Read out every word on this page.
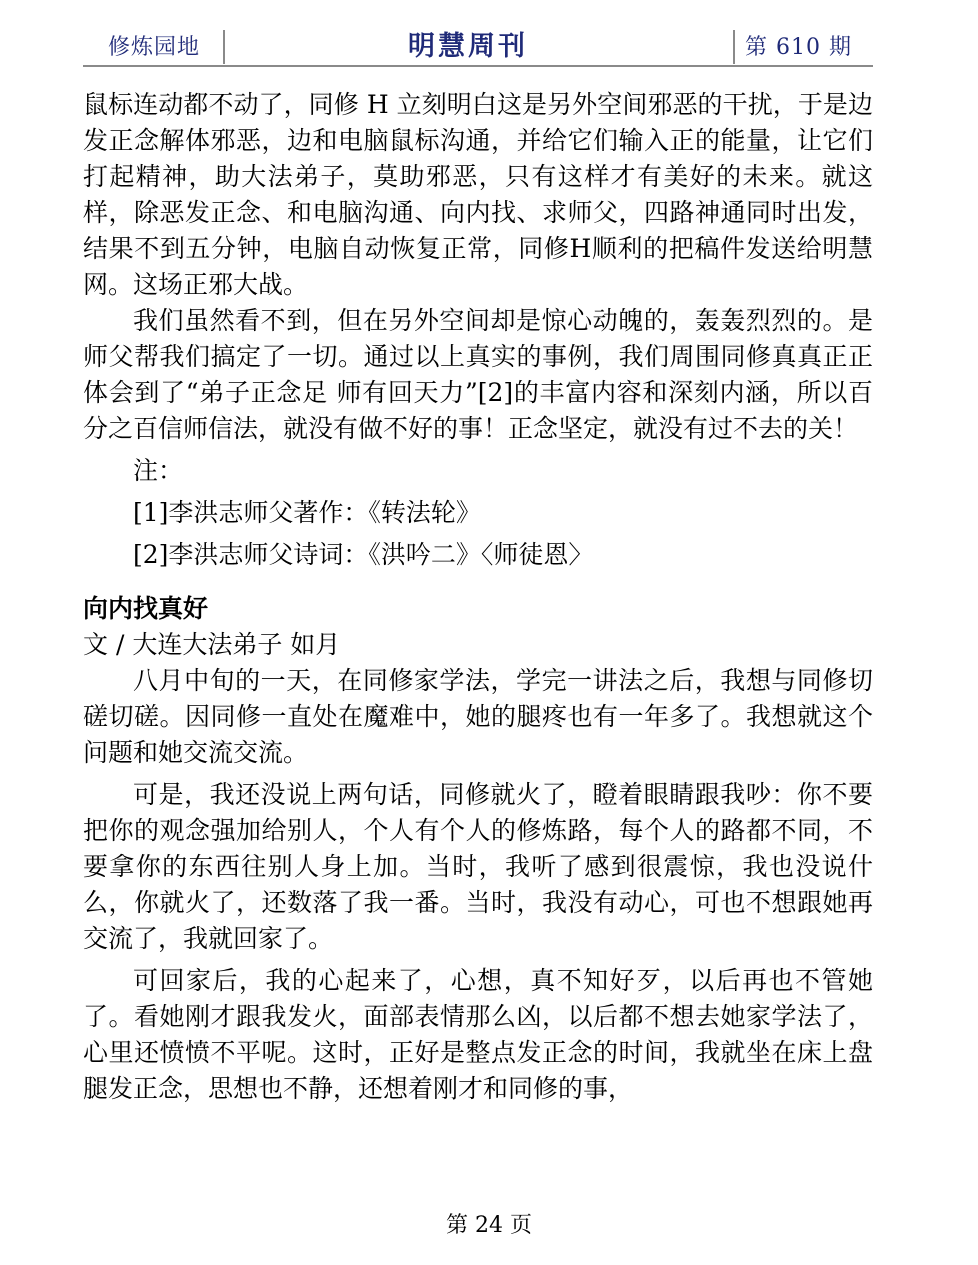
修炼园地	明慧周刊	第 610 期

鼠标连动都不动了，同修 H 立刻明白这是另外空间邪恶的干扰，于是边发正念解体邪恶，边和电脑鼠标沟通，并给它们输入正的能量，让它们打起精神，助大法弟子，莫助邪恶，只有这样才有美好的未来。就这样，除恶发正念、和电脑沟通、向内找、求师父，四路神通同时出发，结果不到五分钟，电脑自动恢复正常，同修H顺利的把稿件发送给明慧网。这场正邪大战。

我们虽然看不到，但在另外空间却是惊心动魄的，轰轰烈烈的。是师父帮我们搞定了一切。通过以上真实的事例，我们周围同修真真正正体会到了“弟子正念足 师有回天力”[2]的丰富内容和深刻内涵，所以百分之百信师信法，就没有做不好的事！正念坚定，就没有过不去的关！

注：

[1]李洪志师父著作：《转法轮》

[2]李洪志师父诗词：《洪吟二》〈师徒恩〉

向内找真好

文 / 大连大法弟子 如月

八月中旬的一天，在同修家学法，学完一讲法之后，我想与同修切磋切磋。因同修一直处在魔难中，她的腿疼也有一年多了。我想就这个问题和她交流交流。

可是，我还没说上两句话，同修就火了，瞪着眼睛跟我吵：你不要把你的观念强加给别人，个人有个人的修炼路，每个人的路都不同，不要拿你的东西往别人身上加。当时，我听了感到很震惊，我也没说什么，你就火了，还数落了我一番。当时，我没有动心，可也不想跟她再交流了，我就回家了。

可回家后，我的心起来了，心想，真不知好歹，以后再也不管她了。看她刚才跟我发火，面部表情那么凶，以后都不想去她家学法了，心里还愤愤不平呢。这时，正好是整点发正念的时间，我就坐在床上盘腿发正念，思想也不静，还想着刚才和同修的事，

第 24 页
